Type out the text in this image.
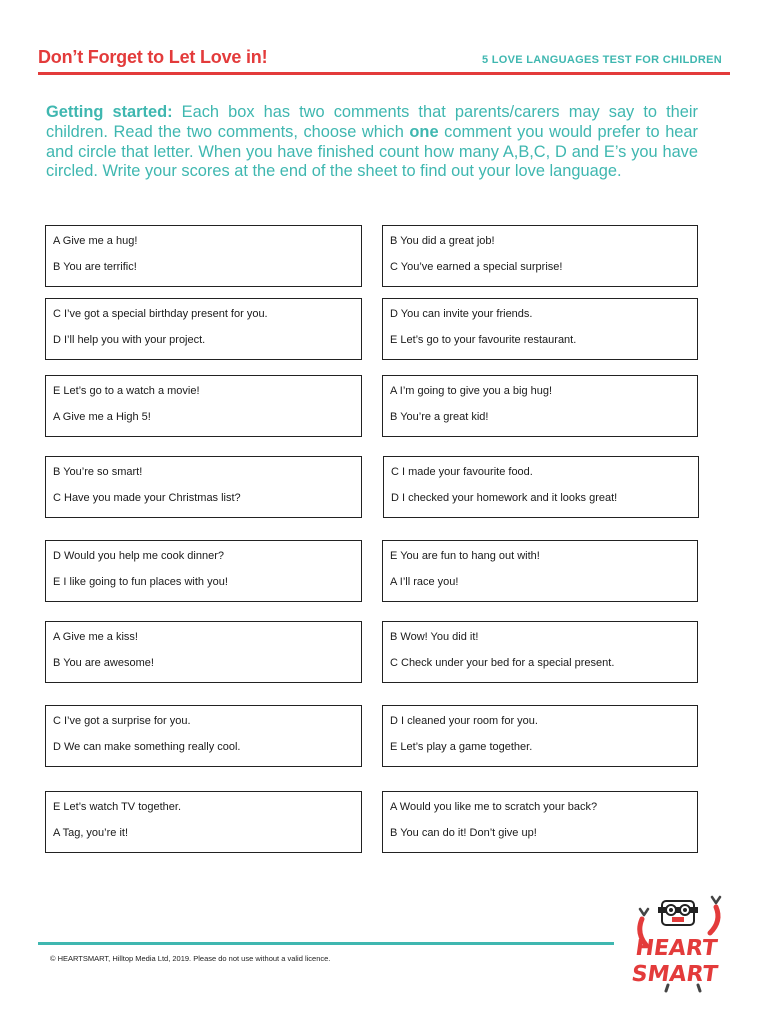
Don’t Forget to Let Love in!	5 LOVE LANGUAGES TEST FOR CHILDREN
Getting started: Each box has two comments that parents/carers may say to their children. Read the two comments, choose which one comment you would prefer to hear and circle that letter. When you have finished count how many A,B,C, D and E’s you have circled. Write your scores at the end of the sheet to find out your love language.
A Give me a hug!
B You are terrific!
B You did a great job!
C You’ve earned a special surprise!
C I’ve got a special birthday present for you.
D I’ll help you with your project.
D You can invite your friends.
E Let’s go to your favourite restaurant.
E Let’s go to a watch a movie!
A Give me a High 5!
A I’m going to give you a big hug!
B You’re a great kid!
B You’re so smart!
C Have you made your Christmas list?
C I made your favourite food.
D I checked your homework and it looks great!
D Would you help me cook dinner?
E I like going to fun places with you!
E You are fun to hang out with!
A I’ll race you!
A Give me a kiss!
B You are awesome!
B Wow! You did it!
C Check under your bed for a special present.
C I’ve got a surprise for you.
D We can make something really cool.
D I cleaned your room for you.
E Let’s play a game together.
E Let’s watch TV together.
A Tag, you’re it!
A Would you like me to scratch your back?
B You can do it! Don’t give up!
© HEARTSMART, Hilltop Media Ltd, 2019. Please do not use without a valid licence.	HEART
SMART
